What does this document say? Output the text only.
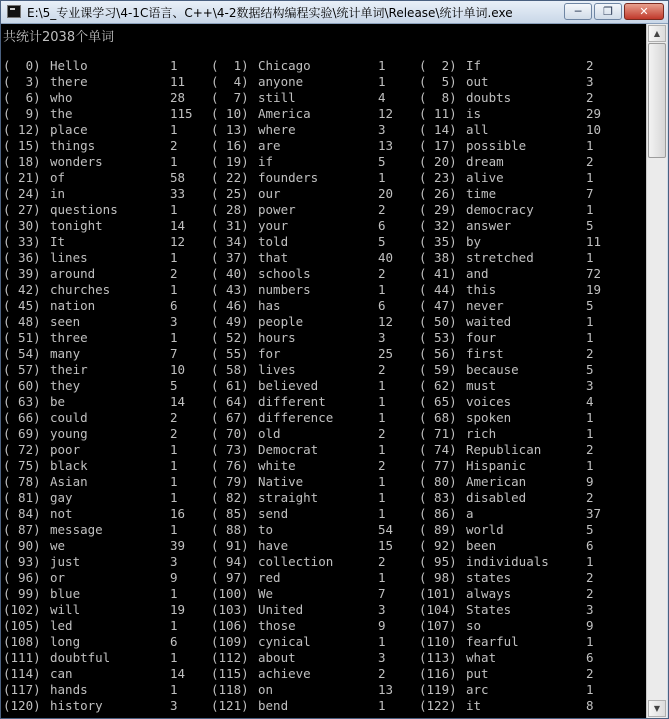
E:\5_专业课学习\4-1C语言、C++\4-2数据结构编程实验\统计单词\Release\统计单词.exe	─	❐	✕
共统计2038个单词
(  0) Hello	1	(  1) Chicago	1	(  2) If	2
(  3) there	11 (  4) anyone	1	(  5) out	3
(  6) who	28 (  7) still	4	(  8) doubts	2
(  9) the	115 ( 10) America	12 ( 11) is	29
( 12) place	1	( 13) where	3	( 14) all	10
( 15) things	2	( 16) are	13 ( 17) possible	1
( 18) wonders	1	( 19) if	5	( 20) dream	2
( 21) of	58 ( 22) founders	1	( 23) alive	1
( 24) in	33 ( 25) our	20 ( 26) time	7
( 27) questions	1	( 28) power	2	( 29) democracy	1
( 30) tonight	14 ( 31) your	6	( 32) answer	5
( 33) It	12 ( 34) told	5	( 35) by	11
( 36) lines	1	( 37) that	40 ( 38) stretched	1
( 39) around	2	( 40) schools	2	( 41) and	72
( 42) churches	1	( 43) numbers	1	( 44) this	19
( 45) nation	6	( 46) has	6	( 47) never	5
( 48) seen	3	( 49) people	12 ( 50) waited	1
( 51) three	1	( 52) hours	3	( 53) four	1
( 54) many	7	( 55) for	25 ( 56) first	2
( 57) their	10 ( 58) lives	2	( 59) because	5
( 60) they	5	( 61) believed	1	( 62) must	3
( 63) be	14 ( 64) different	1	( 65) voices	4
( 66) could	2	( 67) difference	1	( 68) spoken	1
( 69) young	2	( 70) old	2	( 71) rich	1
( 72) poor	1	( 73) Democrat	1	( 74) Republican	2
( 75) black	1	( 76) white	2	( 77) Hispanic	1
( 78) Asian	1	( 79) Native	1	( 80) American	9
( 81) gay	1	( 82) straight	1	( 83) disabled	2
( 84) not	16 ( 85) send	1	( 86) a	37
( 87) message	1	( 88) to	54 ( 89) world	5
( 90) we	39 ( 91) have	15 ( 92) been	6
( 93) just	3	( 94) collection	2	( 95) individuals	1
( 96) or	9	( 97) red	1	( 98) states	2
( 99) blue	1	(100) We	7	(101) always	2
(102) will	19 (103) United	3	(104) States	3
(105) led	1	(106) those	9	(107) so	9
(108) long	6	(109) cynical	1	(110) fearful	1
(111) doubtful	1	(112) about	3	(113) what	6
(114) can	14 (115) achieve	2	(116) put	2
(117) hands	1	(118) on	13 (119) arc	1
(120) history	3	(121) bend	1	(122) it	8
▲
▼
